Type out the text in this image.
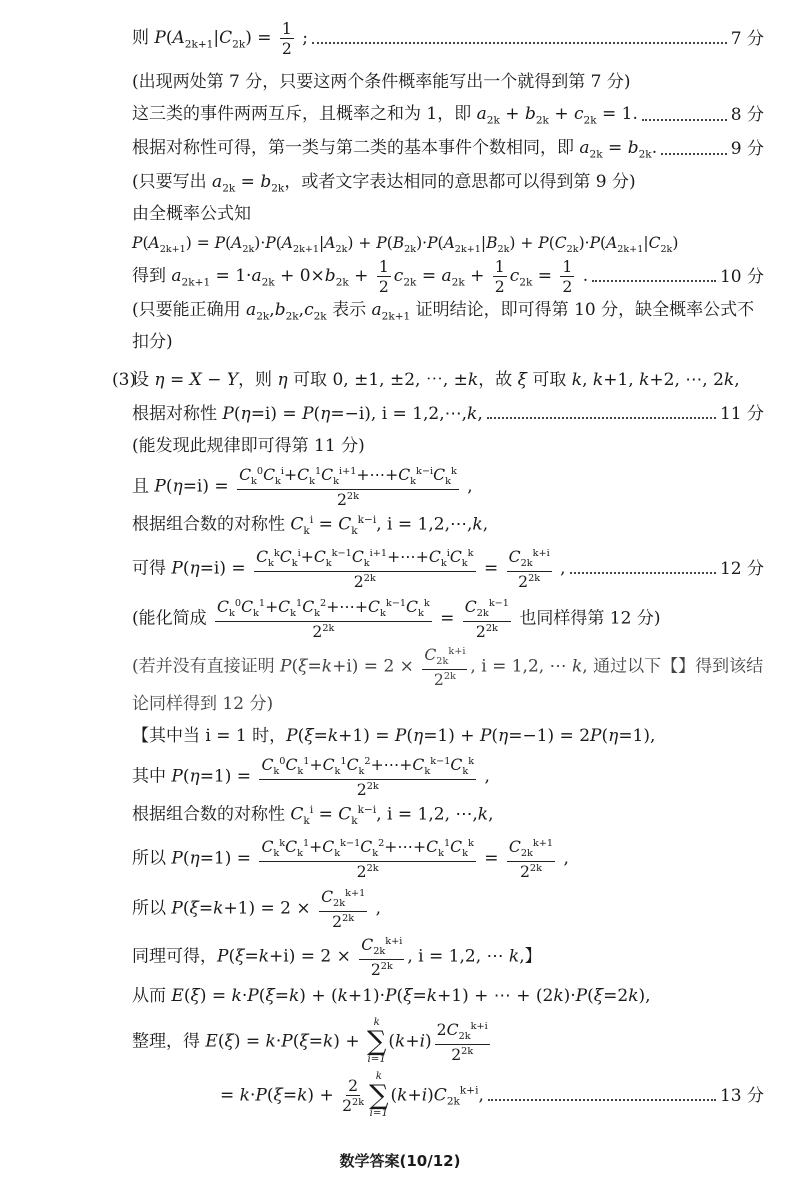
则 $P(A_{2k+1}|C_{2k}) = \frac{1}{2}$ ;	7 分
(出现两处第 7 分，只要这两个条件概率能写出一个就得到第 7 分)
这三类的事件两两互斥，且概率之和为 1，即 $a_{2k} + b_{2k} + c_{2k} = 1$.	8 分
根据对称性可得，第一类与第二类的基本事件个数相同，即 $a_{2k} = b_{2k}$.	9 分
(只要写出 $a_{2k} = b_{2k}$，或者文字表达相同的意思都可以得到第 9 分)
由全概率公式知
$P(A_{2k+1}) = P(A_{2k})\cdot P(A_{2k+1}|A_{2k}) + P(B_{2k})\cdot P(A_{2k+1}|B_{2k}) + P(C_{2k})\cdot P(A_{2k+1}|C_{2k})$
得到 $a_{2k+1} = 1\cdot a_{2k} + 0\times b_{2k} + \frac{1}{2} c_{2k} = a_{2k} + \frac{1}{2} c_{2k} = \frac{1}{2}$ .	10 分
(只要能正确用 $a_{2k},b_{2k},c_{2k}$ 表示 $a_{2k+1}$ 证明结论，即可得第 10 分，缺全概率公式不扣分)
(3)
设 η = X − Y，则 η 可取 0, ±1, ±2, ⋯, ±k，故 ξ 可取 k, k+1, k+2, ⋯, 2k,
根据对称性 P(η=i) = P(η=−i), i = 1,2,⋯,k,	11 分
(能发现此规律即可得第 11 分)
且 $P(\eta=i) = \frac{C_k^0C_k^i+C_k^1C_k^{i+1}+\cdots+C_k^{k-i}C_k^k}{2^{2k}}$ ,
根据组合数的对称性 $C_k^i = C_k^{k-i}$, i = 1,2,⋯,k,
可得 $P(\eta=i) = \frac{C_k^kC_k^i+C_k^{k-1}C_k^{i+1}+\cdots+C_k^iC_k^k}{2^{2k}} = \frac{C_{2k}^{k+i}}{2^{2k}}$ ,	12 分
(能化简成 $\frac{C_k^0C_k^1+C_k^1C_k^2+\cdots+C_k^{k-1}C_k^k}{2^{2k}} = \frac{C_{2k}^{k-1}}{2^{2k}}$ 也同样得第 12 分)
(若并没有直接证明 $P(\xi=k+i) = 2 \times \frac{C_{2k}^{k+i}}{2^{2k}}$ , i = 1,2, ⋯ k, 通过以下【】得到该结论同样得到 12 分)
【其中当 i = 1 时，P(ξ=k+1) = P(η=1) + P(η=−1) = 2P(η=1),
其中 $P(\eta=1) = \frac{C_k^0C_k^1+C_k^1C_k^2+\cdots+C_k^{k-1}C_k^k}{2^{2k}}$ ,
根据组合数的对称性 $C_k^i = C_k^{k-i}$, i = 1,2, ⋯,k,
所以 $P(\eta=1) = \frac{C_k^kC_k^1+C_k^{k-1}C_k^2+\cdots+C_k^1C_k^k}{2^{2k}} = \frac{C_{2k}^{k+1}}{2^{2k}}$ ,
所以 $P(\xi=k+1) = 2 \times \frac{C_{2k}^{k+1}}{2^{2k}}$ ,
同理可得，$P(\xi=k+i) = 2 \times \frac{C_{2k}^{k+i}}{2^{2k}}$ , i = 1,2, ⋯ k,】
从而 E(ξ) = k·P(ξ=k) + (k+1)·P(ξ=k+1) + ⋯ + (2k)·P(ξ=2k),
整理，得 E(ξ) = k·P(ξ=k) +
k
∑
i=1
$(k+i) \frac{2C_{2k}^{k+i}}{2^{2k}}$
= $k\cdot P(\xi=k) + \frac{2}{2^{2k}}$
k
∑
i=1
$(k+i)C_{2k}^{k+i}$,	13 分
数学答案(10/12)
